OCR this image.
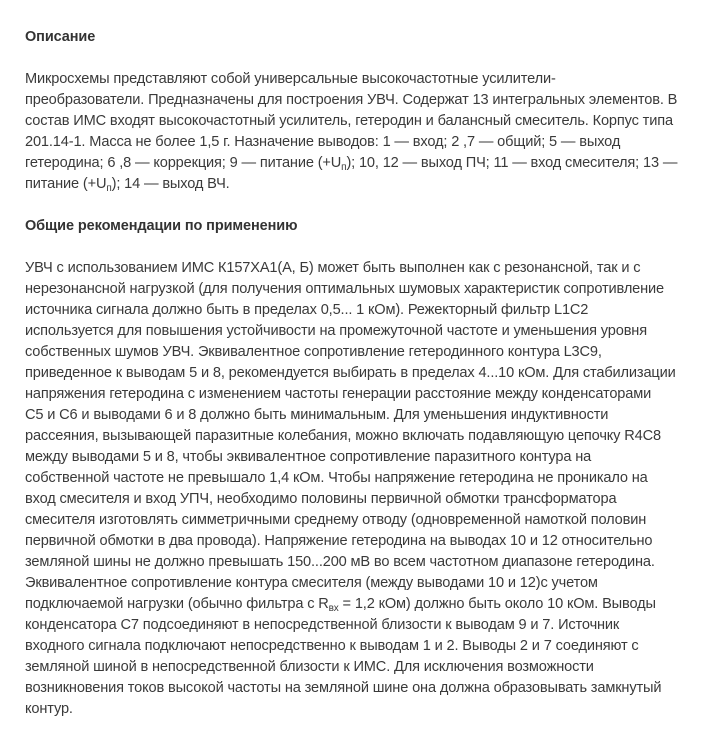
Описание

Микросхемы представляют собой универсальные высокочастотные усилители-
преобразователи. Предназначены для построения УВЧ. Содержат 13 интегральных элементов. В
состав ИМС входят высокочастотный усилитель, гетеродин и балансный смеситель. Корпус типа
201.14-1. Масса не более 1,5 г. Назначение выводов: 1 — вход; 2 ,7 — общий; 5 — выход
гетеродина; 6 ,8 — коррекция; 9 — питание $(+U_п)$; 10, 12 — выход ПЧ; 11 — вход смесителя; 13 —
питание $(+U_п)$; 14 — выход ВЧ.

Общие рекомендации по применению

УВЧ с использованием ИМС К157ХА1(А, Б) может быть выполнен как с резонансной, так и с
нерезонансной нагрузкой (для получения оптимальных шумовых характеристик сопротивление
источника сигнала должно быть в пределах 0,5... 1 кОм). Режекторный фильтр L1C2
используется для повышения устойчивости на промежуточной частоте и уменьшения уровня
собственных шумов УВЧ. Эквивалентное сопротивление гетеродинного контура L3C9,
приведенное к выводам 5 и 8, рекомендуется выбирать в пределах 4...10 кОм. Для стабилизации
напряжения гетеродина с изменением частоты генерации расстояние между конденсаторами
С5 и С6 и выводами 6 и 8 должно быть минимальным. Для уменьшения индуктивности
рассеяния, вызывающей паразитные колебания, можно включать подавляющую цепочку R4C8
между выводами 5 и 8, чтобы эквивалентное сопротивление паразитного контура на
собственной частоте не превышало 1,4 кОм. Чтобы напряжение гетеродина не проникало на
вход смесителя и вход УПЧ, необходимо половины первичной обмотки трансформатора
смесителя изготовлять симметричными среднему отводу (одновременной намоткой половин
первичной обмотки в два провода). Напряжение гетеродина на выводах 10 и 12 относительно
земляной шины не должно превышать 150...200 мВ во всем частотном диапазоне гетеродина.
Эквивалентное сопротивление контура смесителя (между выводами 10 и 12)с учетом
подключаемой нагрузки (обычно фильтра с $R_{вх} = 1,2$ кОм) должно быть около 10 кОм. Выводы
конденсатора С7 подсоединяют в непосредственной близости к выводам 9 и 7. Источник
входного сигнала подключают непосредственно к выводам 1 и 2. Выводы 2 и 7 соединяют с
земляной шиной в непосредственной близости к ИМС. Для исключения возможности
возникновения токов высокой частоты на земляной шине она должна образовывать замкнутый
контур.
